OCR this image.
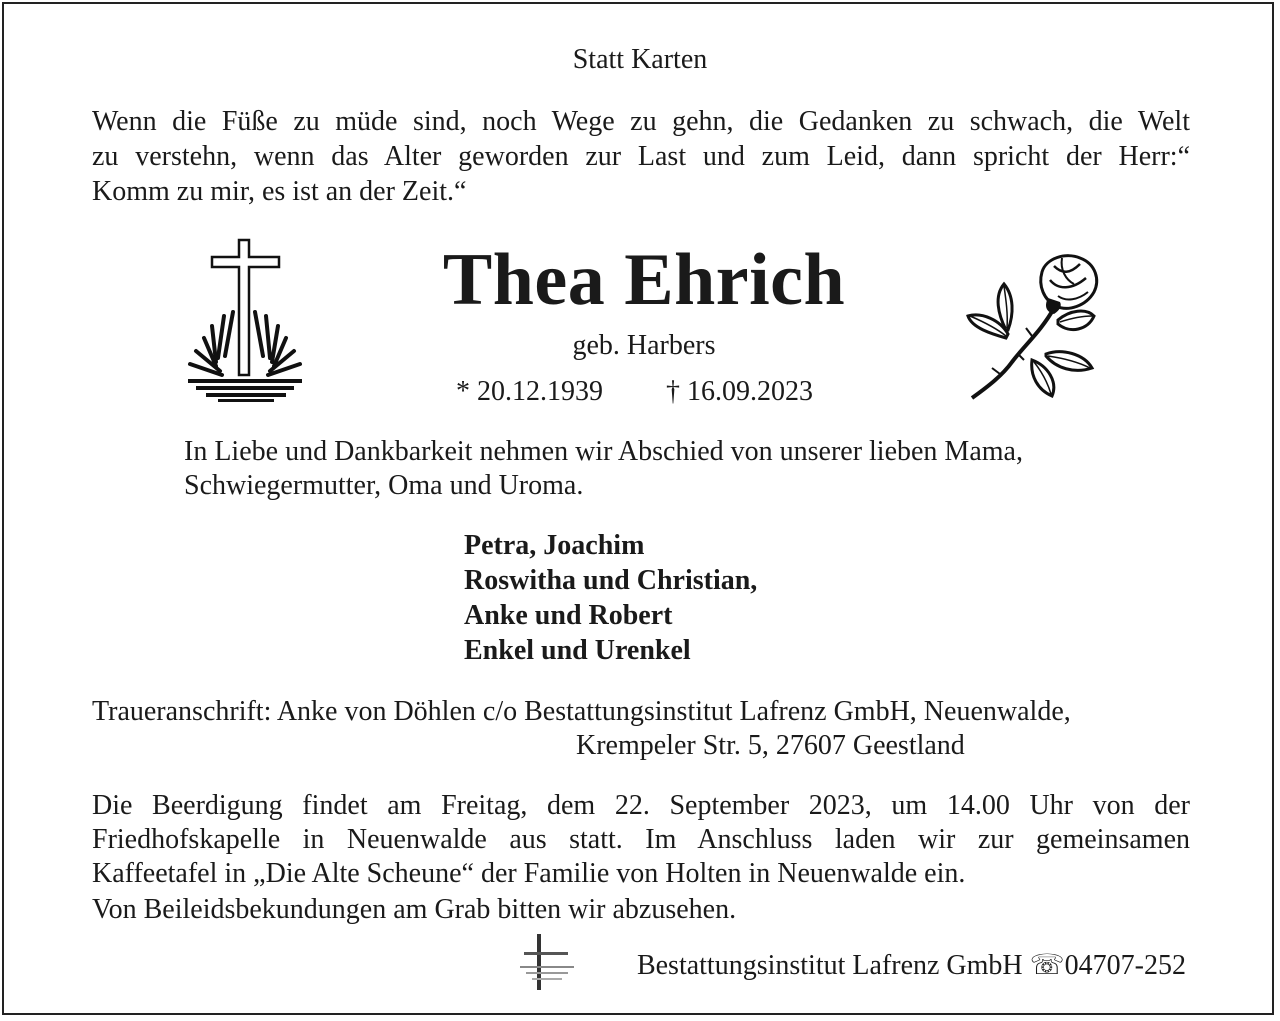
Statt Karten
Wenn die Füße zu müde sind, noch Wege zu gehn, die Gedanken zu schwach, die Welt
zu verstehn, wenn das Alter geworden zur Last und zum Leid, dann spricht der Herr:“
Komm zu mir, es ist an der Zeit.“
Thea Ehrich
geb. Harbers
* 20.12.1939 † 16.09.2023
In Liebe und Dankbarkeit nehmen wir Abschied von unserer lieben Mama,
Schwiegermutter, Oma und Uroma.
Petra, Joachim
Roswitha und Christian,
Anke und Robert
Enkel und Urenkel
Traueranschrift: Anke von Döhlen c/o Bestattungsinstitut Lafrenz GmbH, Neuenwalde,
Krempeler Str. 5, 27607 Geestland
Die Beerdigung findet am Freitag, dem 22. September 2023, um 14.00 Uhr von der
Friedhofskapelle in Neuenwalde aus statt. Im Anschluss laden wir zur gemeinsamen
Kaffeetafel in „Die Alte Scheune“ der Familie von Holten in Neuenwalde ein.
Von Beileidsbekundungen am Grab bitten wir abzusehen.
Bestattungsinstitut Lafrenz GmbH ☏04707-252
